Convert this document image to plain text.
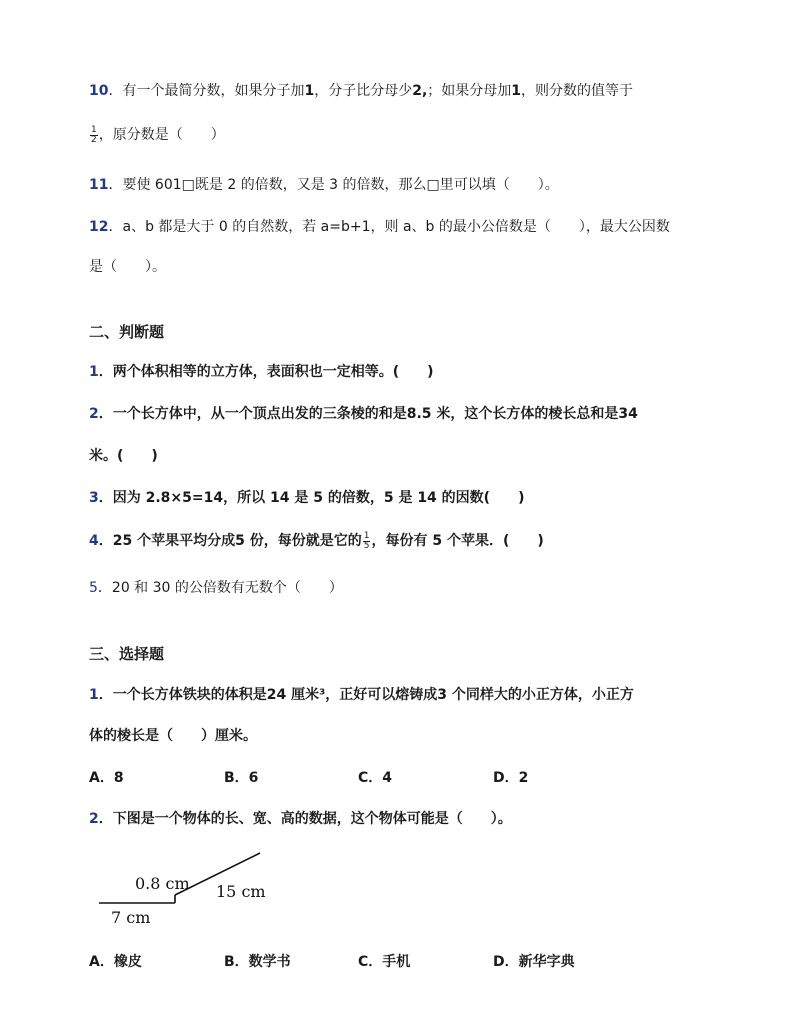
10．有一个最简分数，如果分子加1，分子比分母少2,；如果分母加1，则分数的值等于
$\frac{1}{2}$ ，原分数是（　　）
11．要使 601□既是 2 的倍数，又是 3 的倍数，那么□里可以填（　　）。
12．a、b 都是大于 0 的自然数，若 a=b+1，则 a、b 的最小公倍数是（　　），最大公因数
是（　　）。
二、判断题
1．两个体积相等的立方体，表面积也一定相等。(　　)
2．一个长方体中，从一个顶点出发的三条棱的和是8.5 米，这个长方体的棱长总和是34
米。(　　)
3．因为 2.8×5=14，所以 14 是 5 的倍数，5 是 14 的因数(　　)
4．25 个苹果平均分成5 份，每份就是它的 $\frac{1}{5}$ ，每份有 5 个苹果．(　　)
5．20 和 30 的公倍数有无数个（　　）
三、选择题
1．一个长方体铁块的体积是24 厘米³，正好可以熔铸成3 个同样大的小正方体，小正方
体的棱长是（　　）厘米。
A．8	B．6	C．4	D．2
2．下图是一个物体的长、宽、高的数据，这个物体可能是（　　）。
0.8 cm 15 cm
7 cm
A．橡皮	B．数学书	C．手机	D．新华字典
